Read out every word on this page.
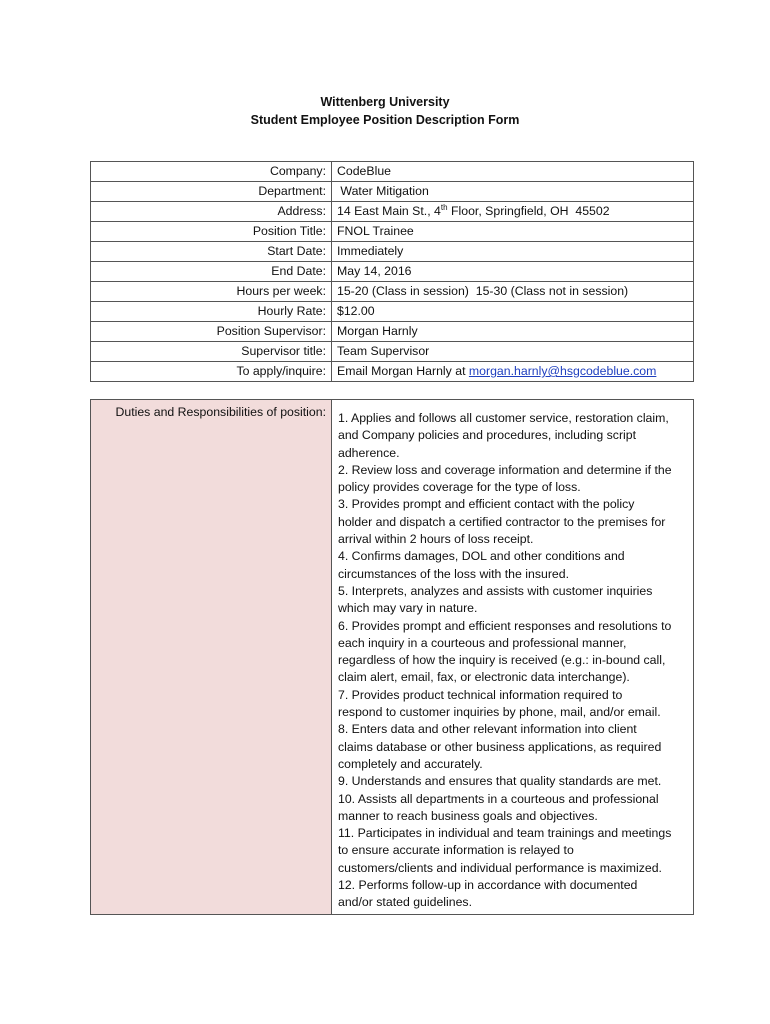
Wittenberg University
Student Employee Position Description Form
Company:	CodeBlue
Department:	Water Mitigation
Address:	14 East Main St., 4th Floor, Springfield, OH  45502
Position Title:	FNOL Trainee
Start Date:	Immediately
End Date:	May 14, 2016
Hours per week:	15-20 (Class in session)  15-30 (Class not in session)
Hourly Rate:	$12.00
Position Supervisor:	Morgan Harnly
Supervisor title:	Team Supervisor
To apply/inquire:	Email Morgan Harnly at morgan.harnly@hsgcodeblue.com
Duties and Responsibilities of position:	1. Applies and follows all customer service, restoration claim,
and Company policies and procedures, including script
adherence.
2. Review loss and coverage information and determine if the
policy provides coverage for the type of loss.
3. Provides prompt and efficient contact with the policy
holder and dispatch a certified contractor to the premises for
arrival within 2 hours of loss receipt.
4. Confirms damages, DOL and other conditions and
circumstances of the loss with the insured.
5. Interprets, analyzes and assists with customer inquiries
which may vary in nature.
6. Provides prompt and efficient responses and resolutions to
each inquiry in a courteous and professional manner,
regardless of how the inquiry is received (e.g.: in-bound call,
claim alert, email, fax, or electronic data interchange).
7. Provides product technical information required to
respond to customer inquiries by phone, mail, and/or email.
8. Enters data and other relevant information into client
claims database or other business applications, as required
completely and accurately.
9. Understands and ensures that quality standards are met.
10. Assists all departments in a courteous and professional
manner to reach business goals and objectives.
11. Participates in individual and team trainings and meetings
to ensure accurate information is relayed to
customers/clients and individual performance is maximized.
12. Performs follow-up in accordance with documented
and/or stated guidelines.
